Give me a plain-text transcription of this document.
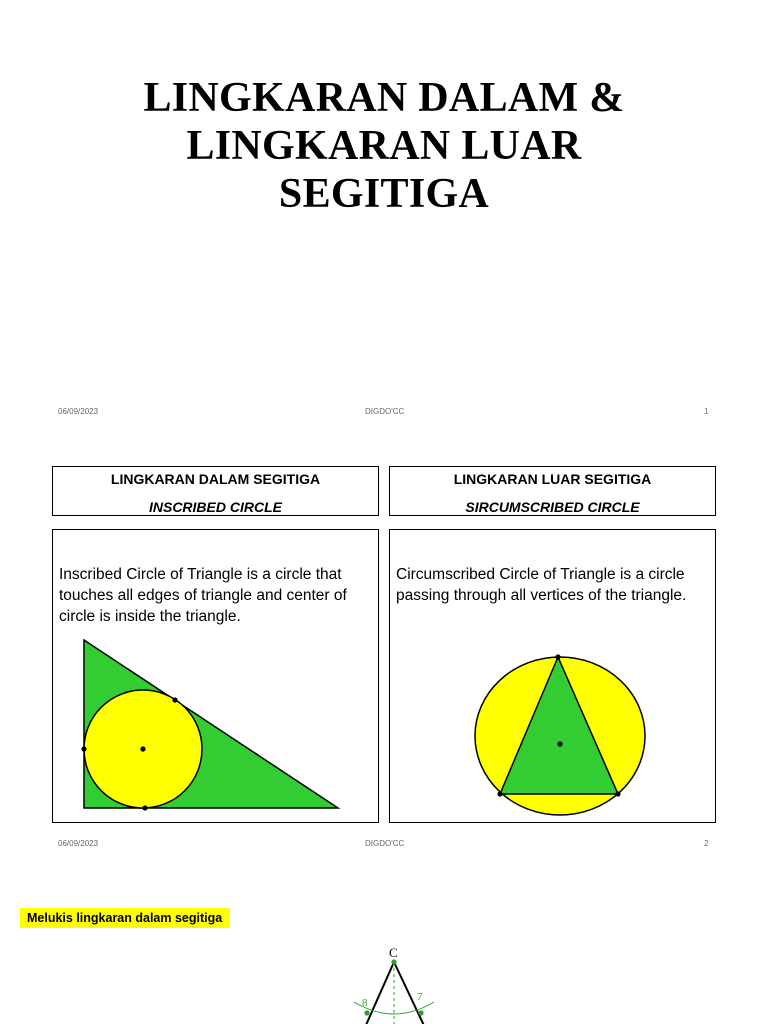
LINGKARAN DALAM &
LINGKARAN LUAR
SEGITIGA
06/09/2023	DIGDO'CC	1
LINGKARAN DALAM SEGITIGA
INSCRIBED CIRCLE
LINGKARAN LUAR SEGITIGA
SIRCUMSCRIBED CIRCLE
Inscribed Circle of Triangle is a circle that touches all edges of triangle and center of circle is inside the triangle.
Circumscribed Circle of Triangle is a circle passing through all vertices of the triangle.
06/09/2023	DIGDO'CC	2
Melukis lingkaran dalam segitiga
C
8	7
